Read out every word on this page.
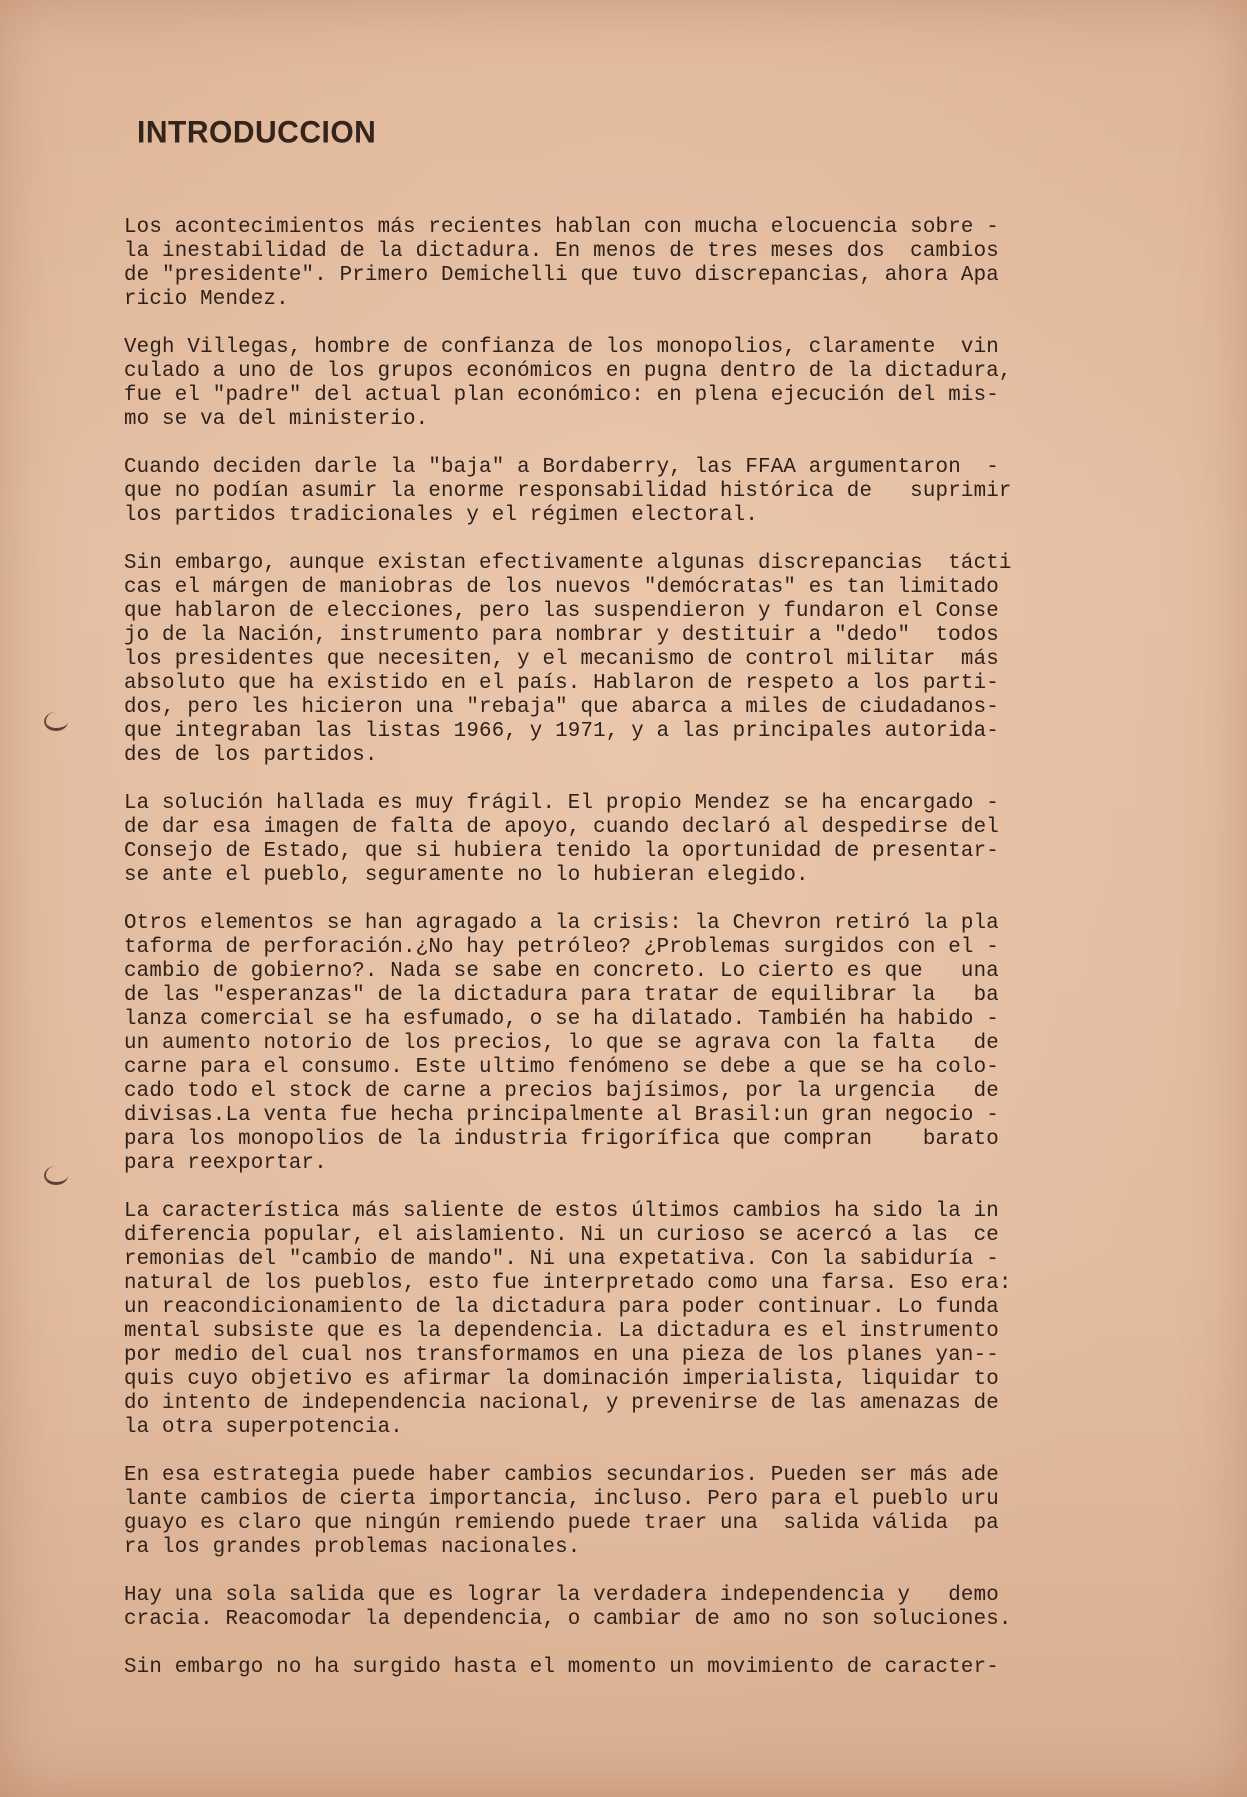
INTRODUCCION
Los acontecimientos más recientes hablan con mucha elocuencia sobre -
la inestabilidad de la dictadura. En menos de tres meses dos  cambios
de "presidente". Primero Demichelli que tuvo discrepancias, ahora Apa
ricio Mendez.
Vegh Villegas, hombre de confianza de los monopolios, claramente  vin
culado a uno de los grupos económicos en pugna dentro de la dictadura,
fue el "padre" del actual plan económico: en plena ejecución del mis-
mo se va del ministerio.
Cuando deciden darle la "baja" a Bordaberry, las FFAA argumentaron  -
que no podían asumir la enorme responsabilidad histórica de   suprimir
los partidos tradicionales y el régimen electoral.
Sin embargo, aunque existan efectivamente algunas discrepancias  tácti
cas el márgen de maniobras de los nuevos "demócratas" es tan limitado
que hablaron de elecciones, pero las suspendieron y fundaron el Conse
jo de la Nación, instrumento para nombrar y destituir a "dedo"  todos
los presidentes que necesiten, y el mecanismo de control militar  más
absoluto que ha existido en el país. Hablaron de respeto a los parti-
dos, pero les hicieron una "rebaja" que abarca a miles de ciudadanos-
que integraban las listas 1966, y 1971, y a las principales autorida-
des de los partidos.
La solución hallada es muy frágil. El propio Mendez se ha encargado -
de dar esa imagen de falta de apoyo, cuando declaró al despedirse del
Consejo de Estado, que si hubiera tenido la oportunidad de presentar-
se ante el pueblo, seguramente no lo hubieran elegido.
Otros elementos se han agragado a la crisis: la Chevron retiró la pla
taforma de perforación.¿No hay petróleo? ¿Problemas surgidos con el -
cambio de gobierno?. Nada se sabe en concreto. Lo cierto es que   una
de las "esperanzas" de la dictadura para tratar de equilibrar la   ba
lanza comercial se ha esfumado, o se ha dilatado. También ha habido -
un aumento notorio de los precios, lo que se agrava con la falta   de
carne para el consumo. Este ultimo fenómeno se debe a que se ha colo-
cado todo el stock de carne a precios bajísimos, por la urgencia   de
divisas.La venta fue hecha principalmente al Brasil:un gran negocio -
para los monopolios de la industria frigorífica que compran    barato
para reexportar.
La característica más saliente de estos últimos cambios ha sido la in
diferencia popular, el aislamiento. Ni un curioso se acercó a las  ce
remonias del "cambio de mando". Ni una expetativa. Con la sabiduría -
natural de los pueblos, esto fue interpretado como una farsa. Eso era:
un reacondicionamiento de la dictadura para poder continuar. Lo funda
mental subsiste que es la dependencia. La dictadura es el instrumento
por medio del cual nos transformamos en una pieza de los planes yan--
quis cuyo objetivo es afirmar la dominación imperialista, liquidar to
do intento de independencia nacional, y prevenirse de las amenazas de
la otra superpotencia.
En esa estrategia puede haber cambios secundarios. Pueden ser más ade
lante cambios de cierta importancia, incluso. Pero para el pueblo uru
guayo es claro que ningún remiendo puede traer una  salida válida  pa
ra los grandes problemas nacionales.
Hay una sola salida que es lograr la verdadera independencia y   demo
cracia. Reacomodar la dependencia, o cambiar de amo no son soluciones.
Sin embargo no ha surgido hasta el momento un movimiento de caracter-
